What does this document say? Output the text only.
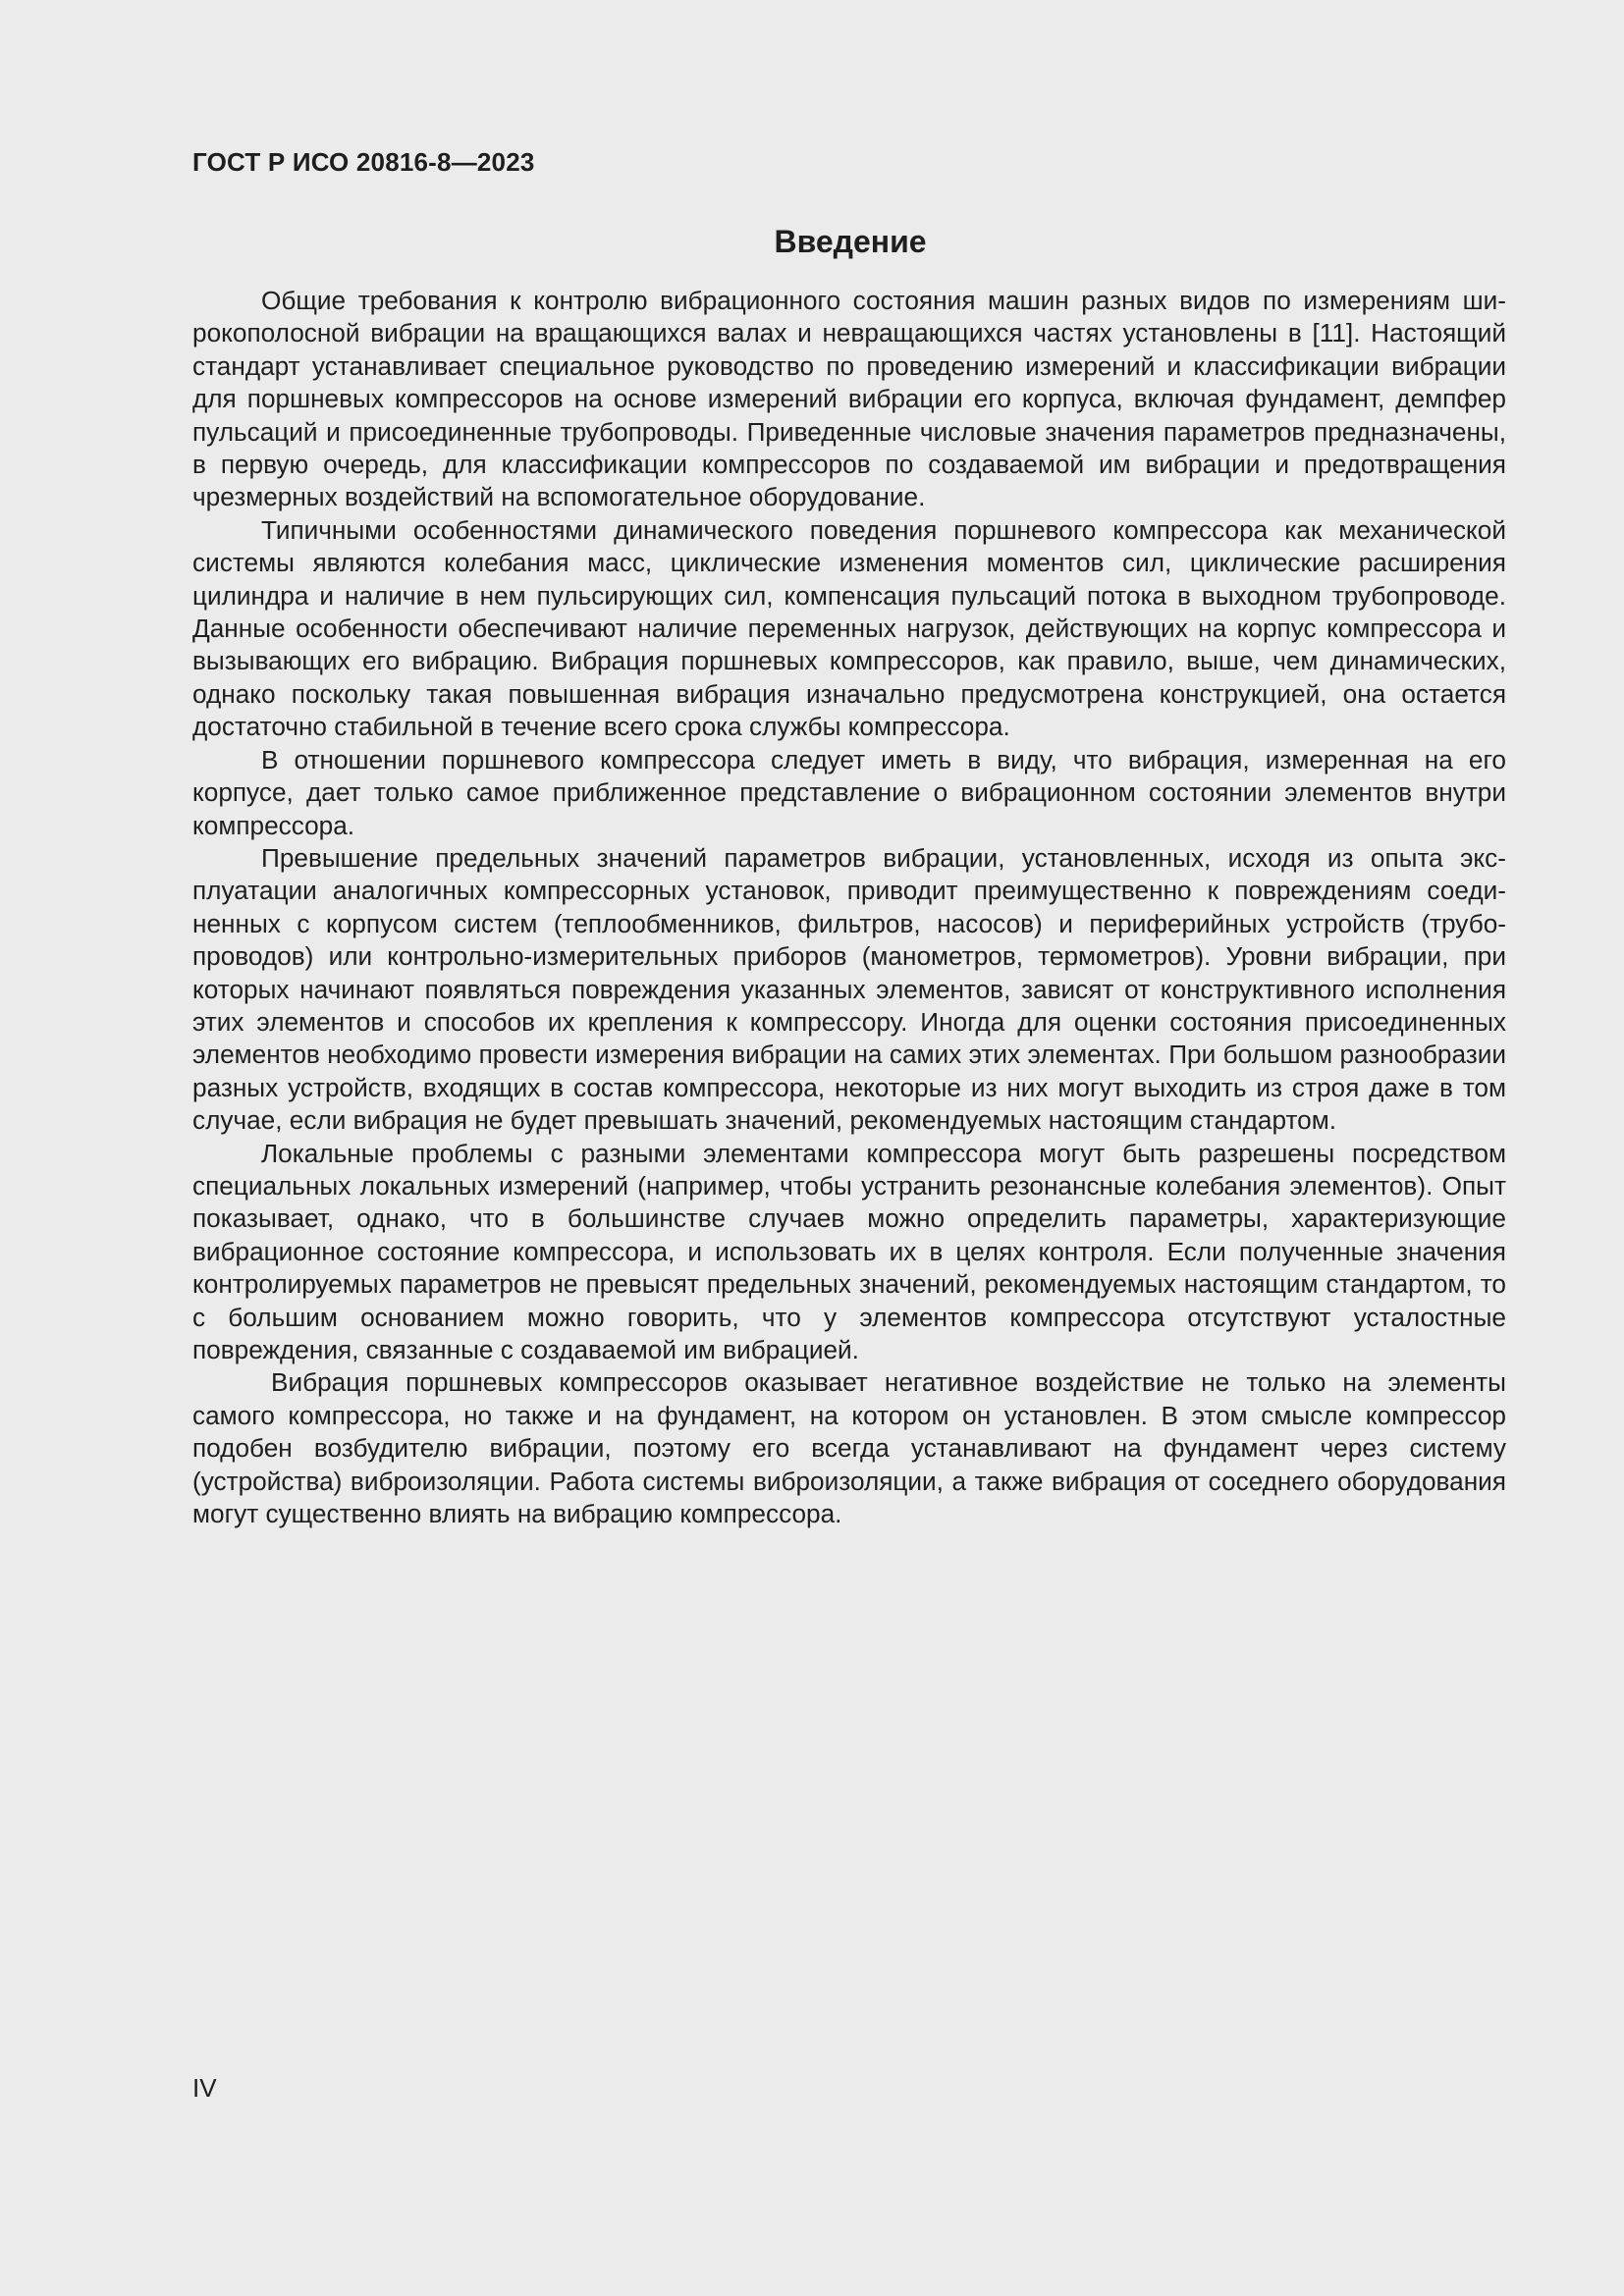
ГОСТ Р ИСО 20816-8—2023
Введение

Общие требования к контролю вибрационного состояния машин разных видов по измерениям широкополосной вибрации на вращающихся валах и невращающихся частях установлены в [11]. Настоящий стандарт устанавливает специальное руководство по проведению измерений и классификации вибрации для поршневых компрессоров на основе измерений вибрации его корпуса, включая фундамент, демпфер пульсаций и присоединенные трубопроводы. Приведенные числовые значения параметров предназначены, в первую очередь, для классификации компрессоров по создаваемой им вибрации и предотвращения чрезмерных воздействий на вспомогательное оборудование.

Типичными особенностями динамического поведения поршневого компрессора как механической системы являются колебания масс, циклические изменения моментов сил, циклические расширения цилиндра и наличие в нем пульсирующих сил, компенсация пульсаций потока в выходном трубопроводе. Данные особенности обеспечивают наличие переменных нагрузок, действующих на корпус компрессора и вызывающих его вибрацию. Вибрация поршневых компрессоров, как правило, выше, чем динамических, однако поскольку такая повышенная вибрация изначально предусмотрена конструкцией, она остается достаточно стабильной в течение всего срока службы компрессора.

В отношении поршневого компрессора следует иметь в виду, что вибрация, измеренная на его корпусе, дает только самое приближенное представление о вибрационном состоянии элементов внутри компрессора.

Превышение предельных значений параметров вибрации, установленных, исходя из опыта эксплуатации аналогичных компрессорных установок, приводит преимущественно к повреждениям соединенных с корпусом систем (теплообменников, фильтров, насосов) и периферийных устройств (трубопроводов) или контрольно-измерительных приборов (манометров, термометров). Уровни вибрации, при которых начинают появляться повреждения указанных элементов, зависят от конструктивного исполнения этих элементов и способов их крепления к компрессору. Иногда для оценки состояния присоединенных элементов необходимо провести измерения вибрации на самих этих элементах. При большом разнообразии разных устройств, входящих в состав компрессора, некоторые из них могут выходить из строя даже в том случае, если вибрация не будет превышать значений, рекомендуемых настоящим стандартом.

Локальные проблемы с разными элементами компрессора могут быть разрешены посредством специальных локальных измерений (например, чтобы устранить резонансные колебания элементов). Опыт показывает, однако, что в большинстве случаев можно определить параметры, характеризующие вибрационное состояние компрессора, и использовать их в целях контроля. Если полученные значения контролируемых параметров не превысят предельных значений, рекомендуемых настоящим стандартом, то с большим основанием можно говорить, что у элементов компрессора отсутствуют усталостные повреждения, связанные с создаваемой им вибрацией.

Вибрация поршневых компрессоров оказывает негативное воздействие не только на элементы самого компрессора, но также и на фундамент, на котором он установлен. В этом смысле компрессор подобен возбудителю вибрации, поэтому его всегда устанавливают на фундамент через систему (устройства) виброизоляции. Работа системы виброизоляции, а также вибрация от соседнего оборудования могут существенно влиять на вибрацию компрессора.

IV
